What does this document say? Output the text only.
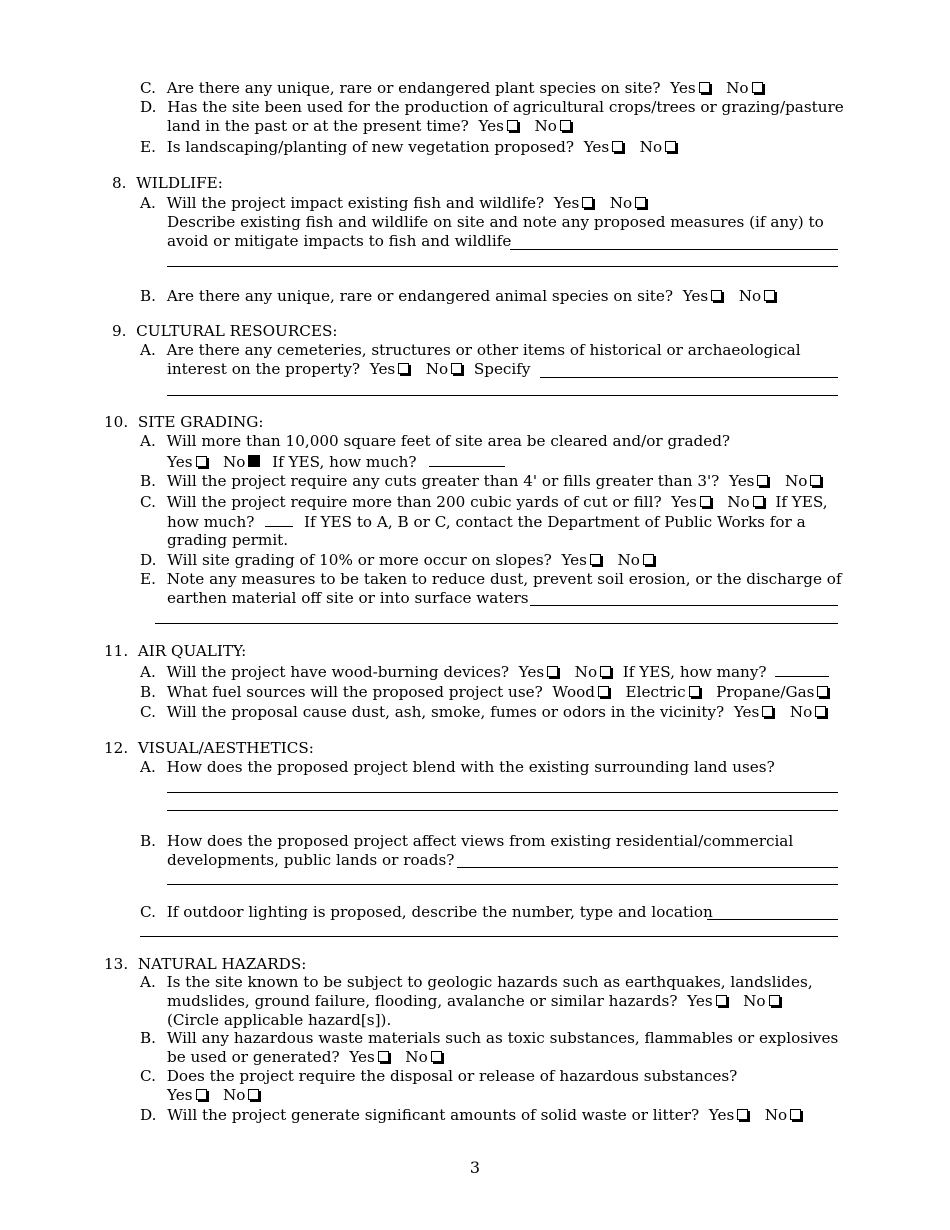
C. Are there any unique, rare or endangered plant species on site? Yes No
D. Has the site been used for the production of agricultural crops/trees or grazing/pasture
land in the past or at the present time? Yes No
E. Is landscaping/planting of new vegetation proposed? Yes No
8. WILDLIFE:
A. Will the project impact existing fish and wildlife? Yes No
Describe existing fish and wildlife on site and note any proposed measures (if any) to
avoid or mitigate impacts to fish and wildlife
B. Are there any unique, rare or endangered animal species on site? Yes No
9. CULTURAL RESOURCES:
A. Are there any cemeteries, structures or other items of historical or archaeological
interest on the property? Yes No Specify
10. SITE GRADING:
A. Will more than 10,000 square feet of site area be cleared and/or graded?
Yes No If YES, how much?
B. Will the project require any cuts greater than 4' or fills greater than 3'? Yes No
C. Will the project require more than 200 cubic yards of cut or fill? Yes No If YES,
how much?	If YES to A, B or C, contact the Department of Public Works for a
grading permit.
D. Will site grading of 10% or more occur on slopes? Yes No
E. Note any measures to be taken to reduce dust, prevent soil erosion, or the discharge of
earthen material off site or into surface waters
11. AIR QUALITY:
A. Will the project have wood-burning devices? Yes No If YES, how many?
B. What fuel sources will the proposed project use? Wood Electric Propane/Gas
C. Will the proposal cause dust, ash, smoke, fumes or odors in the vicinity? Yes No
12. VISUAL/AESTHETICS:
A. How does the proposed project blend with the existing surrounding land uses?
B. How does the proposed project affect views from existing residential/commercial
developments, public lands or roads?
C. If outdoor lighting is proposed, describe the number, type and location
13. NATURAL HAZARDS:
A. Is the site known to be subject to geologic hazards such as earthquakes, landslides,
mudslides, ground failure, flooding, avalanche or similar hazards? Yes No
(Circle applicable hazard[s]).
B. Will any hazardous waste materials such as toxic substances, flammables or explosives
be used or generated? Yes No
C. Does the project require the disposal or release of hazardous substances?
Yes No
D. Will the project generate significant amounts of solid waste or litter? Yes No
3
